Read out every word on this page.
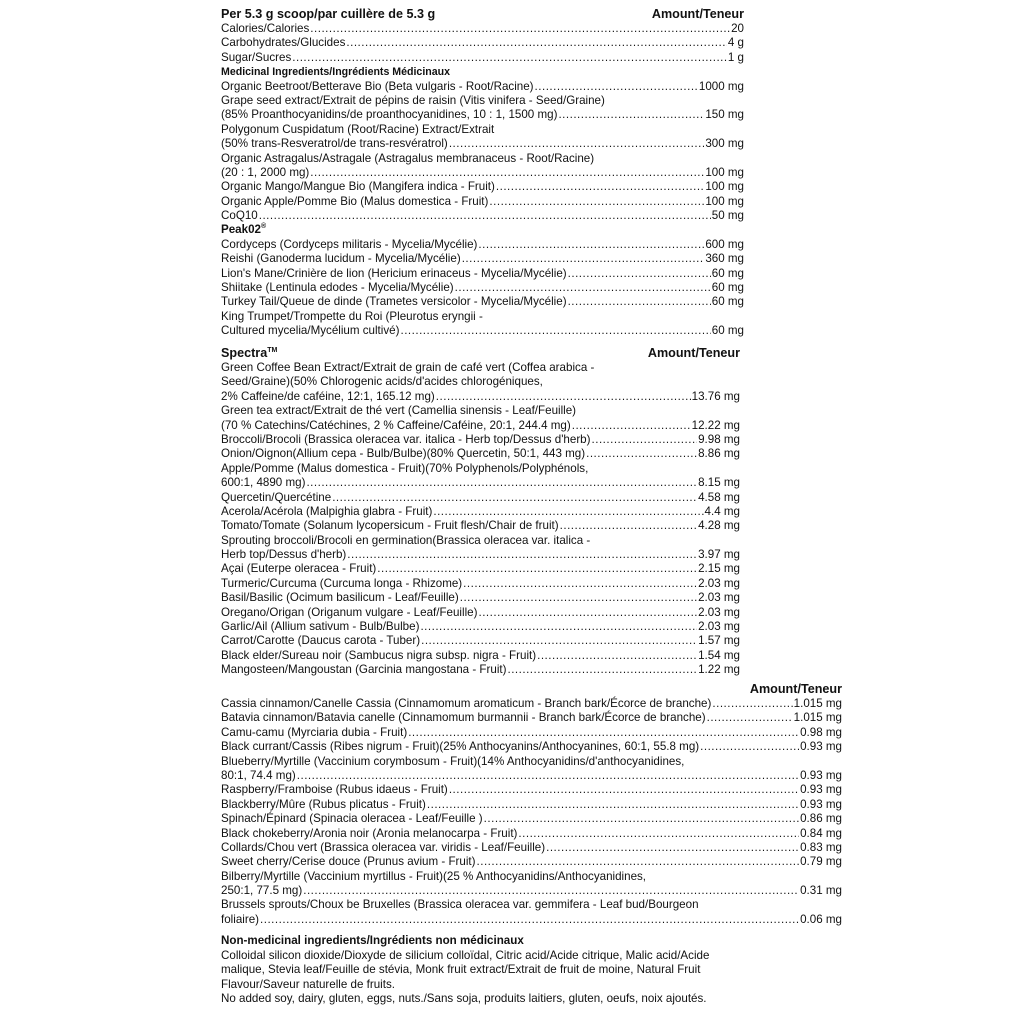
Per 5.3 g scoop/par cuillère de 5.3 g	Amount/Teneur
Calories/Calories .....	20
Carbohydrates/Glucides .....	4 g
Sugar/Sucres .....	1 g
Medicinal Ingredients/Ingrédients Médicinaux
Organic Beetroot/Betterave Bio (Beta vulgaris - Root/Racine) .....	1000 mg
Grape seed extract/Extrait de pépins de raisin (Vitis vinifera - Seed/Graine)
(85% Proanthocyanidins/de proanthocyanidines, 10 : 1, 1500 mg) .....	150 mg
Polygonum Cuspidatum (Root/Racine) Extract/Extrait
(50% trans-Resveratrol/de trans-resvératrol) .....	300 mg
Organic Astragalus/Astragale (Astragalus membranaceus - Root/Racine)
(20 : 1, 2000 mg) .....	100 mg
Organic Mango/Mangue Bio (Mangifera indica - Fruit) .....	100 mg
Organic Apple/Pomme Bio (Malus domestica - Fruit) .....	100 mg
CoQ10 .....	50 mg
Peak02®
Cordyceps (Cordyceps militaris - Mycelia/Mycélie) .....	600 mg
Reishi (Ganoderma lucidum - Mycelia/Mycélie) .....	360 mg
Lion's Mane/Crinière de lion (Hericium erinaceus - Mycelia/Mycélie) .....	60 mg
Shiitake (Lentinula edodes - Mycelia/Mycélie) .....	60 mg
Turkey Tail/Queue de dinde (Trametes versicolor - Mycelia/Mycélie) .....	60 mg
King Trumpet/Trompette du Roi (Pleurotus eryngii -
Cultured mycelia/Mycélium cultivé) .....	60 mg
Spectra™	Amount/Teneur
Green Coffee Bean Extract/Extrait de grain de café vert (Coffea arabica -
Seed/Graine)(50% Chlorogenic acids/d'acides chlorogéniques,
2% Caffeine/de caféine, 12:1, 165.12 mg) .....	13.76 mg
Green tea extract/Extrait de thé vert (Camellia sinensis - Leaf/Feuille)
(70 % Catechins/Catéchines, 2 % Caffeine/Caféine, 20:1, 244.4 mg) .....	12.22 mg
Broccoli/Brocoli (Brassica oleracea var. italica - Herb top/Dessus d'herb) .....	9.98 mg
Onion/Oignon(Allium cepa - Bulb/Bulbe)(80% Quercetin, 50:1, 443 mg) .....	8.86 mg
Apple/Pomme (Malus domestica - Fruit)(70% Polyphenols/Polyphénols,
600:1, 4890 mg) .....	8.15 mg
Quercetin/Quercétine .....	4.58 mg
Acerola/Acérola (Malpighia glabra - Fruit) .....	4.4 mg
Tomato/Tomate (Solanum lycopersicum - Fruit flesh/Chair de fruit) .....	4.28 mg
Sprouting broccoli/Brocoli en germination(Brassica oleracea var. italica -
Herb top/Dessus d'herb) .....	3.97 mg
Açai (Euterpe oleracea - Fruit) .....	2.15 mg
Turmeric/Curcuma (Curcuma longa - Rhizome) .....	2.03 mg
Basil/Basilic (Ocimum basilicum - Leaf/Feuille) .....	2.03 mg
Oregano/Origan (Origanum vulgare - Leaf/Feuille) .....	2.03 mg
Garlic/Ail (Allium sativum - Bulb/Bulbe) .....	2.03 mg
Carrot/Carotte (Daucus carota - Tuber) .....	1.57 mg
Black elder/Sureau noir (Sambucus nigra subsp. nigra - Fruit) .....	1.54 mg
Mangosteen/Mangoustan (Garcinia mangostana - Fruit) .....	1.22 mg
Amount/Teneur
Cassia cinnamon/Canelle Cassia (Cinnamomum aromaticum - Branch bark/Écorce de branche) .....	1.015 mg
Batavia cinnamon/Batavia canelle (Cinnamomum burmannii - Branch bark/Écorce de branche) .....	1.015 mg
Camu-camu (Myrciaria dubia - Fruit) .....	0.98 mg
Black currant/Cassis (Ribes nigrum - Fruit)(25% Anthocyanins/Anthocyanines, 60:1, 55.8 mg) .....	0.93 mg
Blueberry/Myrtille (Vaccinium corymbosum - Fruit)(14% Anthocyanidins/d'anthocyanidines,
80:1, 74.4 mg) .....	0.93 mg
Raspberry/Framboise (Rubus idaeus - Fruit) .....	0.93 mg
Blackberry/Mûre (Rubus plicatus - Fruit) .....	0.93 mg
Spinach/Épinard (Spinacia oleracea - Leaf/Feuille ) .....	0.86 mg
Black chokeberry/Aronia noir (Aronia melanocarpa - Fruit) .....	0.84 mg
Collards/Chou vert (Brassica oleracea var. viridis - Leaf/Feuille) .....	0.83 mg
Sweet cherry/Cerise douce (Prunus avium - Fruit) .....	0.79 mg
Bilberry/Myrtille (Vaccinium myrtillus - Fruit)(25 % Anthocyanidins/Anthocyanidines,
250:1, 77.5 mg) .....	0.31 mg
Brussels sprouts/Choux be Bruxelles (Brassica oleracea var. gemmifera - Leaf bud/Bourgeon
foliaire) .....	0.06 mg
Non-medicinal ingredients/Ingrédients non médicinaux
Colloidal silicon dioxide/Dioxyde de silicium colloïdal, Citric acid/Acide citrique, Malic acid/Acide
malique, Stevia leaf/Feuille de stévia, Monk fruit extract/Extrait de fruit de moine, Natural Fruit
Flavour/Saveur naturelle de fruits.
No added soy, dairy, gluten, eggs, nuts./Sans soja, produits laitiers, gluten, oeufs, noix ajoutés.
